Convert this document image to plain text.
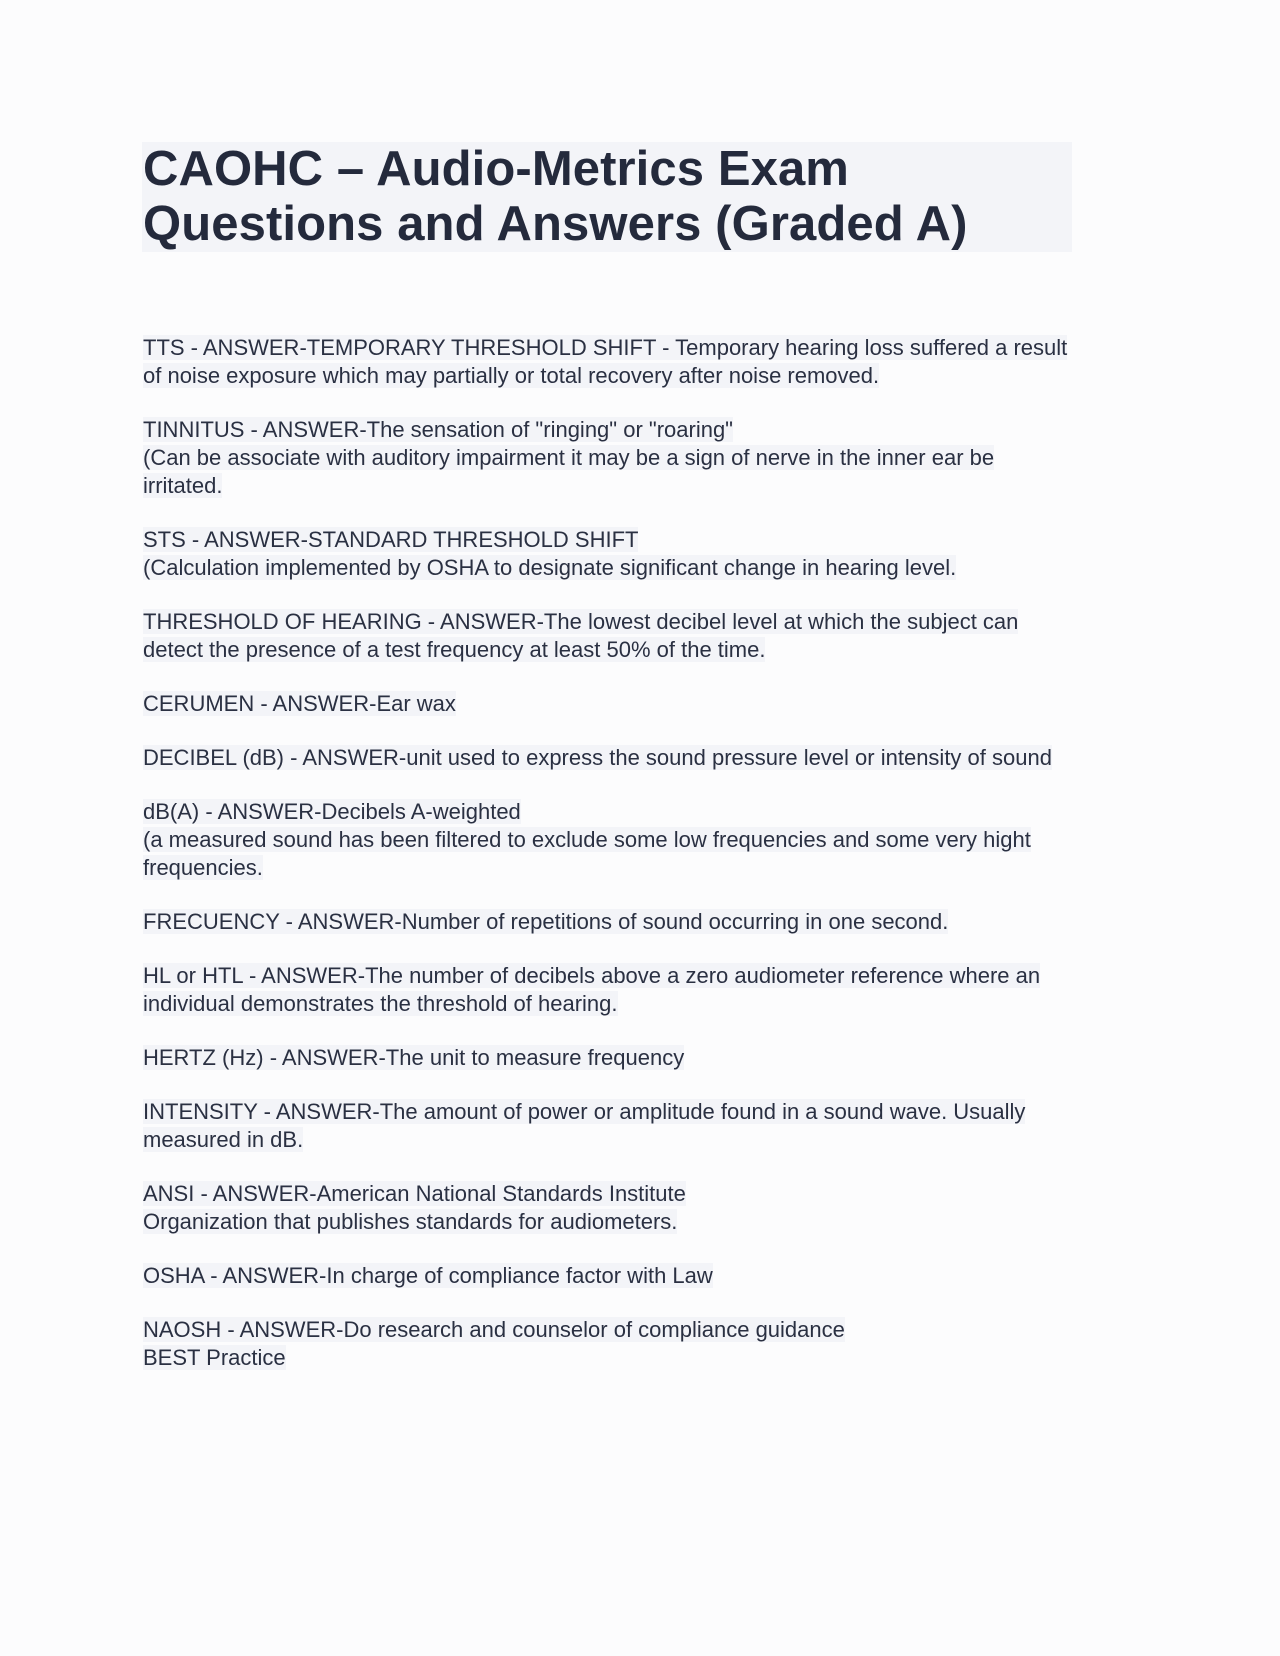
CAOHC – Audio-Metrics Exam Questions and Answers (Graded A)
TTS - ANSWER-TEMPORARY THRESHOLD SHIFT - Temporary hearing loss suffered a result of noise exposure which may partially or total recovery after noise removed.
TINNITUS - ANSWER-The sensation of "ringing" or "roaring"
(Can be associate with auditory impairment it may be a sign of nerve in the inner ear be irritated.
STS - ANSWER-STANDARD THRESHOLD SHIFT
(Calculation implemented by OSHA to designate significant change in hearing level.
THRESHOLD OF HEARING - ANSWER-The lowest decibel level at which the subject can detect the presence of a test frequency at least 50% of the time.
CERUMEN - ANSWER-Ear wax
DECIBEL (dB) - ANSWER-unit used to express the sound pressure level or intensity of sound
dB(A) - ANSWER-Decibels A-weighted
(a measured sound has been filtered to exclude some low frequencies and some very hight frequencies.
FRECUENCY - ANSWER-Number of repetitions of sound occurring in one second.
HL or HTL - ANSWER-The number of decibels above a zero audiometer reference where an individual demonstrates the threshold of hearing.
HERTZ (Hz) - ANSWER-The unit to measure frequency
INTENSITY - ANSWER-The amount of power or amplitude found in a sound wave. Usually measured in dB.
ANSI - ANSWER-American National Standards Institute
Organization that publishes standards for audiometers.
OSHA - ANSWER-In charge of compliance factor with Law
NAOSH - ANSWER-Do research and counselor of compliance guidance
BEST Practice
